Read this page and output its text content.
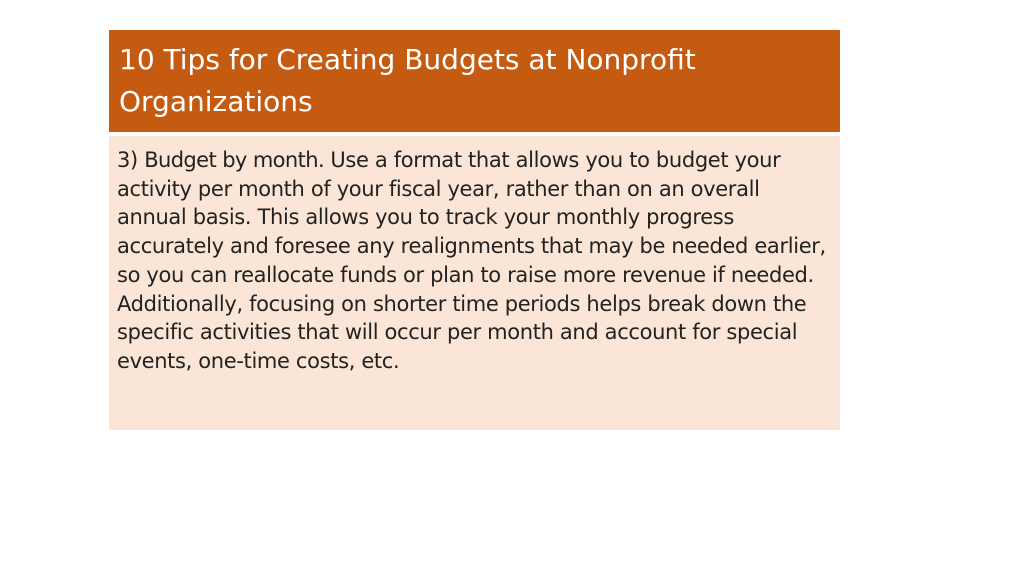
10 Tips for Creating Budgets at Nonprofit Organizations

3) Budget by month. Use a format that allows you to budget your activity per month of your fiscal year, rather than on an overall annual basis. This allows you to track your monthly progress accurately and foresee any realignments that may be needed earlier, so you can reallocate funds or plan to raise more revenue if needed. Additionally, focusing on shorter time periods helps break down the specific activities that will occur per month and account for special events, one-time costs, etc.
